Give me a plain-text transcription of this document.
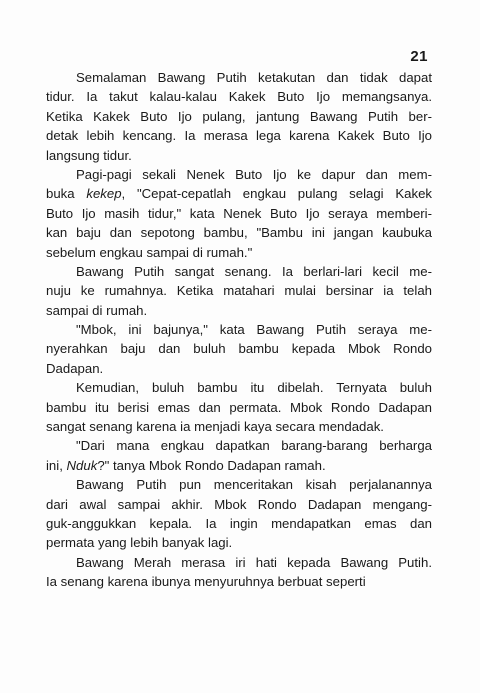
21
Semalaman Bawang Putih ketakutan dan tidak dapat
tidur. Ia takut kalau-kalau Kakek Buto Ijo memangsanya.
Ketika Kakek Buto Ijo pulang, jantung Bawang Putih ber-
detak lebih kencang. Ia merasa lega karena Kakek Buto Ijo
langsung tidur.
Pagi-pagi sekali Nenek Buto Ijo ke dapur dan mem-
buka kekep, "Cepat-cepatlah engkau pulang selagi Kakek
Buto Ijo masih tidur," kata Nenek Buto Ijo seraya memberi-
kan baju dan sepotong bambu, "Bambu ini jangan kaubuka
sebelum engkau sampai di rumah."
Bawang Putih sangat senang. Ia berlari-lari kecil me-
nuju ke rumahnya. Ketika matahari mulai bersinar ia telah
sampai di rumah.
"Mbok, ini bajunya," kata Bawang Putih seraya me-
nyerahkan baju dan buluh bambu kepada Mbok Rondo
Dadapan.
Kemudian, buluh bambu itu dibelah. Ternyata buluh
bambu itu berisi emas dan permata. Mbok Rondo Dadapan
sangat senang karena ia menjadi kaya secara mendadak.
"Dari mana engkau dapatkan barang-barang berharga
ini, Nduk?" tanya Mbok Rondo Dadapan ramah.
Bawang Putih pun menceritakan kisah perjalanannya
dari awal sampai akhir. Mbok Rondo Dadapan mengang-
guk-anggukkan kepala. Ia ingin mendapatkan emas dan
permata yang lebih banyak lagi.
Bawang Merah merasa iri hati kepada Bawang Putih.
Ia senang karena ibunya menyuruhnya berbuat seperti
